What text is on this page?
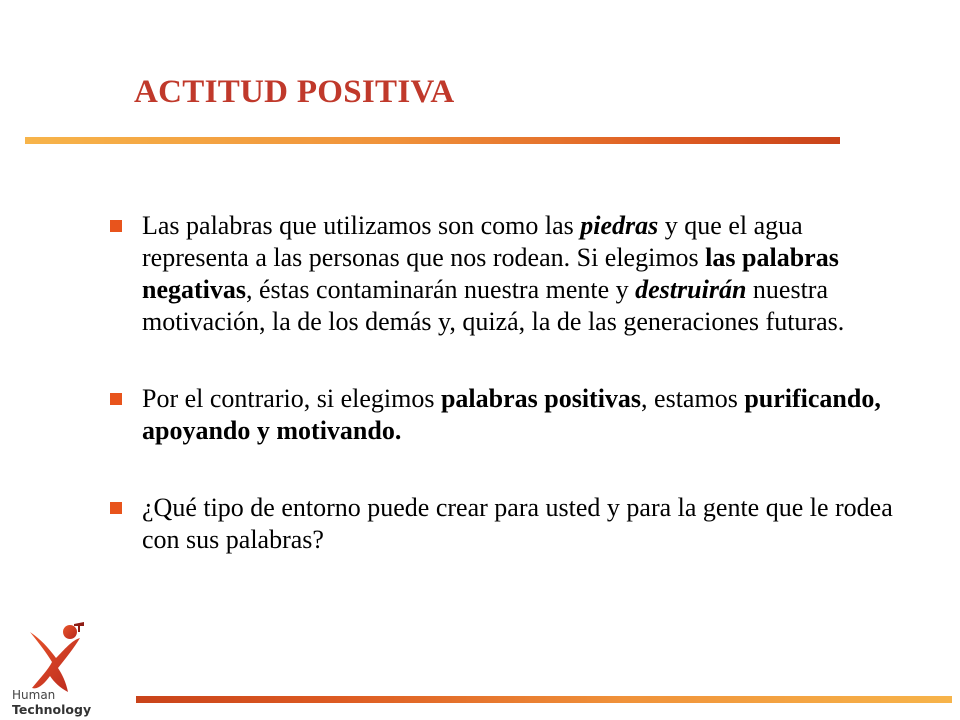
ACTITUD POSITIVA
Las palabras que utilizamos son como las piedras y que el agua representa a las personas que nos rodean. Si elegimos las palabras negativas, éstas contaminarán nuestra mente y destruirán nuestra motivación, la de los demás y, quizá, la de las generaciones futuras.
Por el contrario, si elegimos palabras positivas, estamos purificando, apoyando y motivando.
¿Qué tipo de entorno puede crear para usted y para la gente que le rodea con sus palabras?
Human
Technology
